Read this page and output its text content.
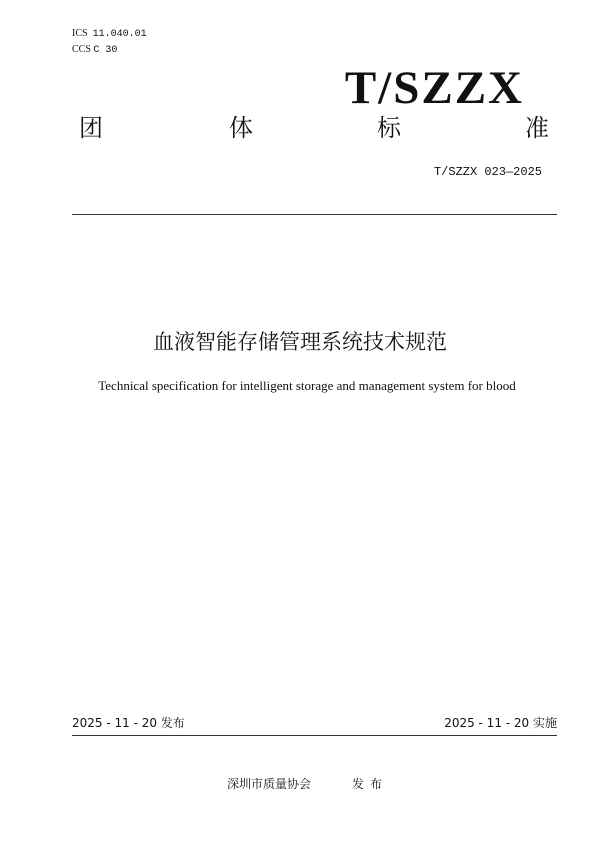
ICS 11.040.01
CCS C 30
T/SZZX
团	体	标	准
T/SZZX 023—2025
血液智能存储管理系统技术规范
Technical specification for intelligent storage and management system for blood
2025 - 11 - 20 发布	2025 - 11 - 20 实施
深圳市质量协会	发布
